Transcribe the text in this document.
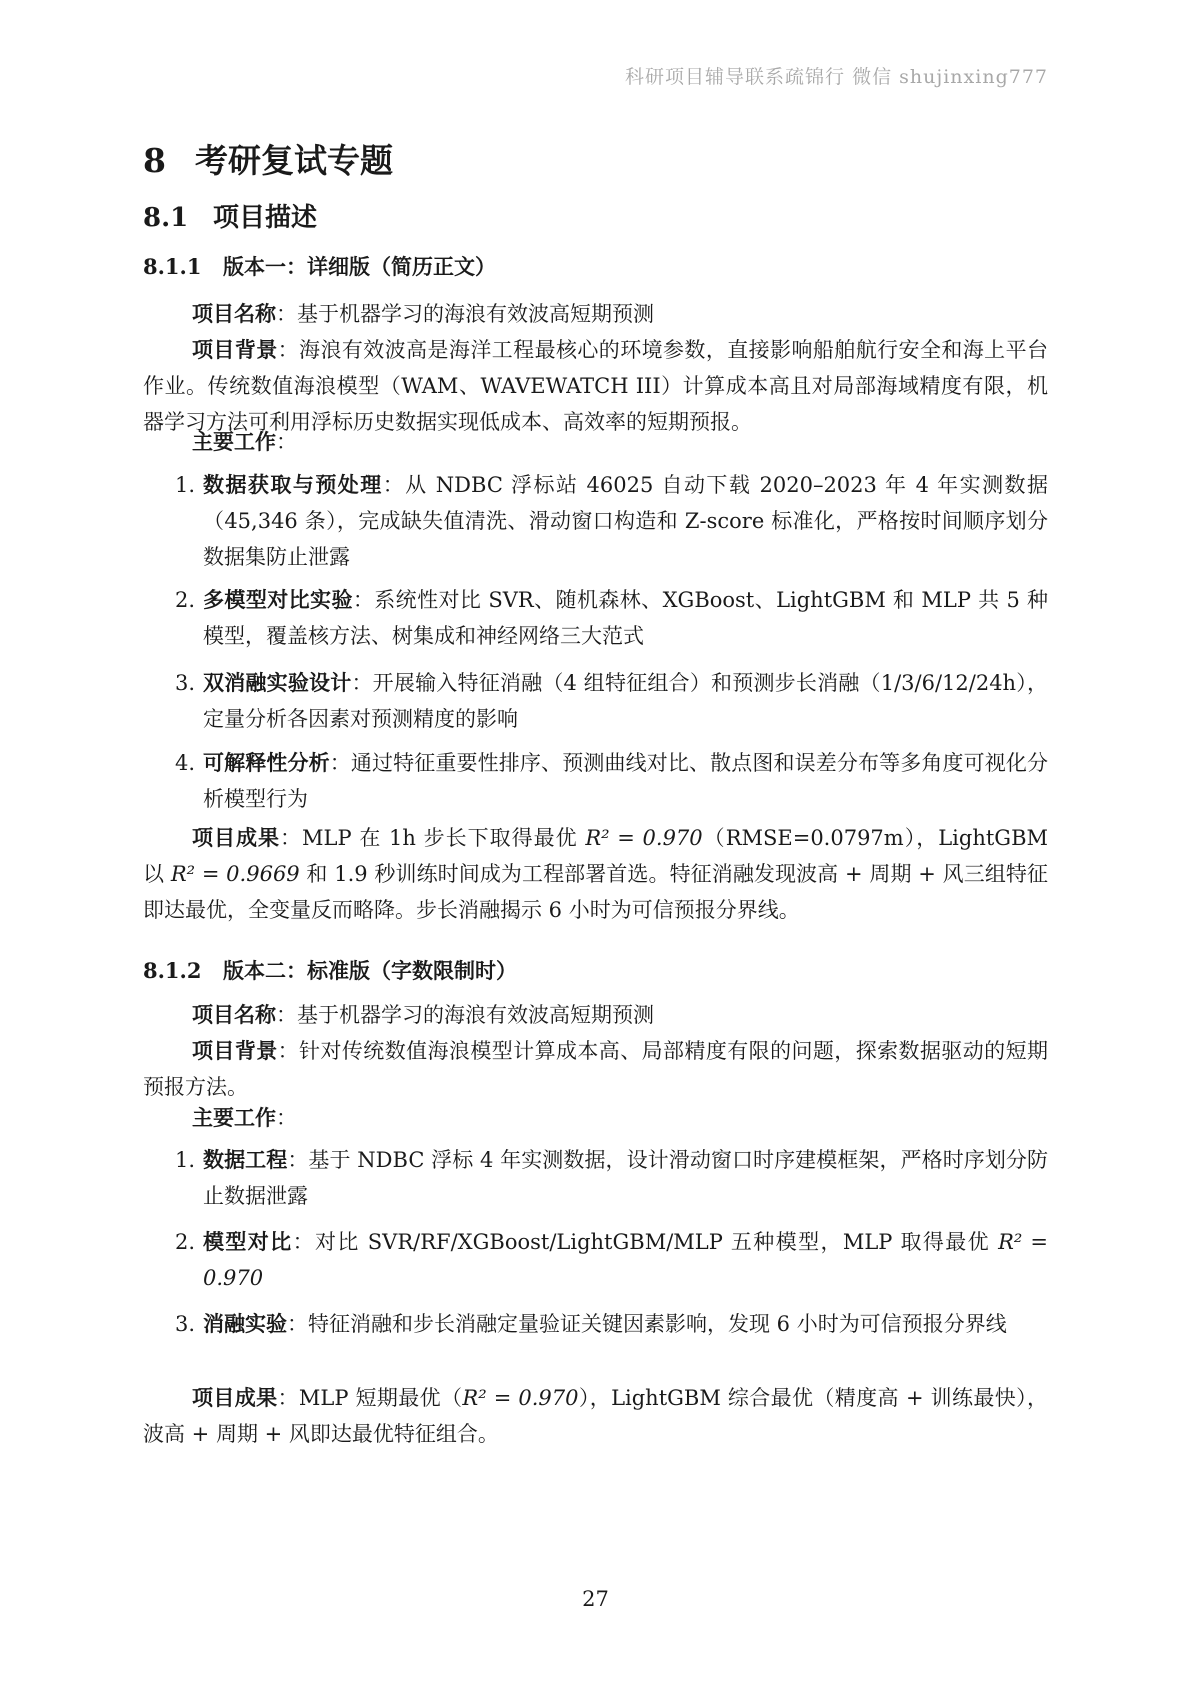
科研项目辅导联系疏锦行 微信 shujinxing777
8 考研复试专题
8.1 项目描述
8.1.1 版本一：详细版（简历正文）

项目名称：基于机器学习的海浪有效波高短期预测

项目背景：海浪有效波高是海洋工程最核心的环境参数，直接影响船舶航行安全和海上平台作业。传统数值海浪模型（WAM、WAVEWATCH III）计算成本高且对局部海域精度有限，机器学习方法可利用浮标历史数据实现低成本、高效率的短期预报。

主要工作：

1. 数据获取与预处理：从 NDBC 浮标站 46025 自动下载 2020–2023 年 4 年实测数据（45,346 条），完成缺失值清洗、滑动窗口构造和 Z-score 标准化，严格按时间顺序划分数据集防止泄露
2. 多模型对比实验：系统性对比 SVR、随机森林、XGBoost、LightGBM 和 MLP 共 5 种模型，覆盖核方法、树集成和神经网络三大范式
3. 双消融实验设计：开展输入特征消融（4 组特征组合）和预测步长消融（1/3/6/12/24h），定量分析各因素对预测精度的影响
4. 可解释性分析：通过特征重要性排序、预测曲线对比、散点图和误差分布等多角度可视化分析模型行为

项目成果：MLP 在 1h 步长下取得最优 R² = 0.970（RMSE=0.0797m），LightGBM 以 R² = 0.9669 和 1.9 秒训练时间成为工程部署首选。特征消融发现波高 + 周期 + 风三组特征即达最优，全变量反而略降。步长消融揭示 6 小时为可信预报分界线。

8.1.2 版本二：标准版（字数限制时）

项目名称：基于机器学习的海浪有效波高短期预测

项目背景：针对传统数值海浪模型计算成本高、局部精度有限的问题，探索数据驱动的短期预报方法。

主要工作：

1. 数据工程：基于 NDBC 浮标 4 年实测数据，设计滑动窗口时序建模框架，严格时序划分防止数据泄露
2. 模型对比：对比 SVR/RF/XGBoost/LightGBM/MLP 五种模型，MLP 取得最优 R² = 0.970
3. 消融实验：特征消融和步长消融定量验证关键因素影响，发现 6 小时为可信预报分界线

项目成果：MLP 短期最优（R² = 0.970），LightGBM 综合最优（精度高 + 训练最快），波高 + 周期 + 风即达最优特征组合。

27
